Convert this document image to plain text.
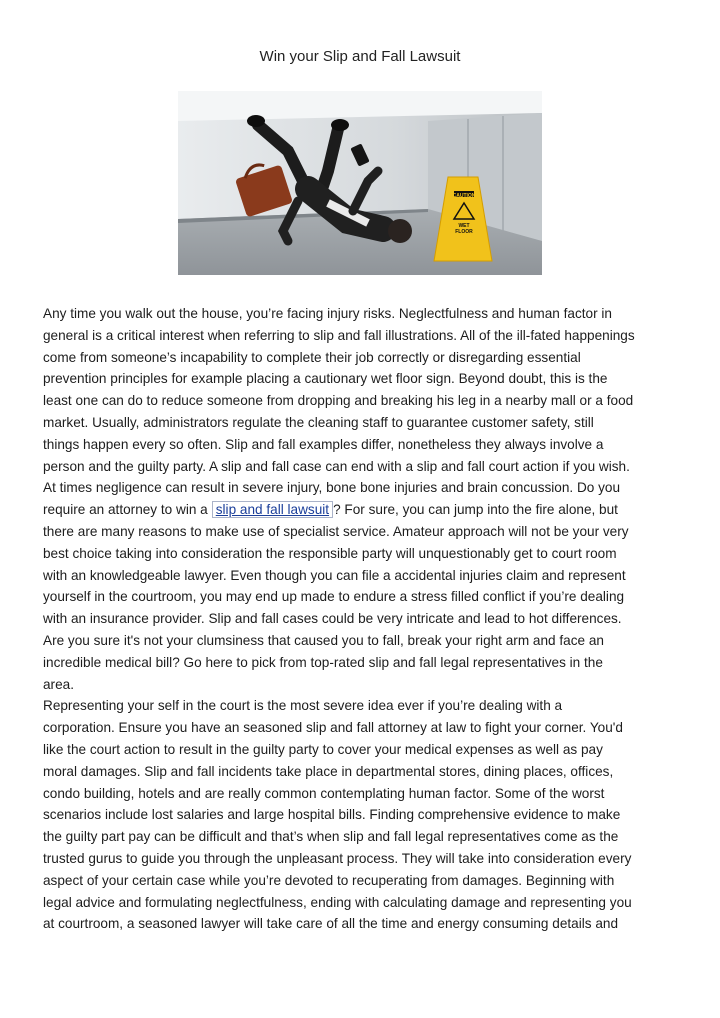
Win your Slip and Fall Lawsuit
CAUTION
WET
FLOOR

Any time you walk out the house, you’re facing injury risks. Neglectfulness and human factor in

general is a critical interest when referring to slip and fall illustrations. All of the ill-fated happenings

come from someone’s incapability to complete their job correctly or disregarding essential

prevention principles for example placing a cautionary wet floor sign. Beyond doubt, this is the

least one can do to reduce someone from dropping and breaking his leg in a nearby mall or a food

market. Usually, administrators regulate the cleaning staff to guarantee customer safety, still

things happen every so often. Slip and fall examples differ, nonetheless they always involve a

person and the guilty party. A slip and fall case can end with a slip and fall court action if you wish.

At times negligence can result in severe injury, bone bone injuries and brain concussion. Do you

require an attorney to win a slip and fall lawsuit ? For sure, you can jump into the fire alone, but

there are many reasons to make use of specialist service. Amateur approach will not be your very

best choice taking into consideration the responsible party will unquestionably get to court room

with an knowledgeable lawyer. Even though you can file a accidental injuries claim and represent

yourself in the courtroom, you may end up made to endure a stress filled conflict if you’re dealing

with an insurance provider. Slip and fall cases could be very intricate and lead to hot differences.

Are you sure it's not your clumsiness that caused you to fall, break your right arm and face an

incredible medical bill? Go here to pick from top-rated slip and fall legal representatives in the

area.

Representing your self in the court is the most severe idea ever if you’re dealing with a

corporation. Ensure you have an seasoned slip and fall attorney at law to fight your corner. You'd

like the court action to result in the guilty party to cover your medical expenses as well as pay

moral damages. Slip and fall incidents take place in departmental stores, dining places, offices,

condo building, hotels and are really common contemplating human factor. Some of the worst

scenarios include lost salaries and large hospital bills. Finding comprehensive evidence to make

the guilty part pay can be difficult and that’s when slip and fall legal representatives come as the

trusted gurus to guide you through the unpleasant process. They will take into consideration every

aspect of your certain case while you’re devoted to recuperating from damages. Beginning with

legal advice and formulating neglectfulness, ending with calculating damage and representing you

at courtroom, a seasoned lawyer will take care of all the time and energy consuming details and
